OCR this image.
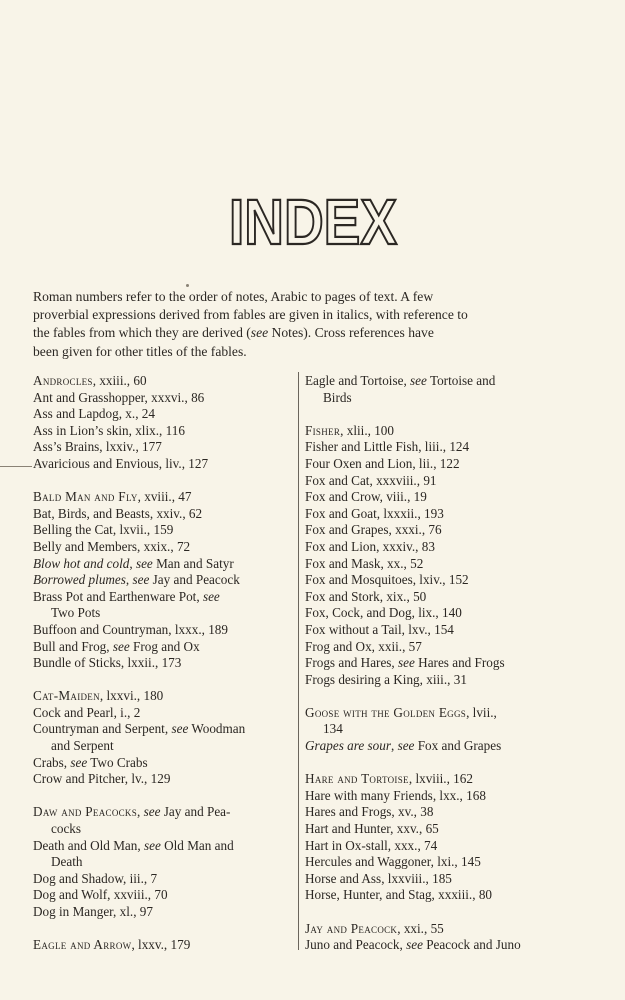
INDEX
Roman numbers refer to the order of notes, Arabic to pages of text. A few
proverbial expressions derived from fables are given in italics, with reference to
the fables from which they are derived (see Notes). Cross references have
been given for other titles of the fables.
Androcles, xxiii., 60
Ant and Grasshopper, xxxvi., 86
Ass and Lapdog, x., 24
Ass in Lion’s skin, xlix., 116
Ass’s Brains, lxxiv., 177
Avaricious and Envious, liv., 127
Bald Man and Fly, xviii., 47
Bat, Birds, and Beasts, xxiv., 62
Belling the Cat, lxvii., 159
Belly and Members, xxix., 72
Blow hot and cold, see Man and Satyr
Borrowed plumes, see Jay and Peacock
Brass Pot and Earthenware Pot, see
Two Pots
Buffoon and Countryman, lxxx., 189
Bull and Frog, see Frog and Ox
Bundle of Sticks, lxxii., 173
Cat-Maiden, lxxvi., 180
Cock and Pearl, i., 2
Countryman and Serpent, see Woodman
and Serpent
Crabs, see Two Crabs
Crow and Pitcher, lv., 129
Daw and Peacocks, see Jay and Pea-
cocks
Death and Old Man, see Old Man and
Death
Dog and Shadow, iii., 7
Dog and Wolf, xxviii., 70
Dog in Manger, xl., 97
Eagle and Arrow, lxxv., 179
Eagle and Tortoise, see Tortoise and
Birds
Fisher, xlii., 100
Fisher and Little Fish, liii., 124
Four Oxen and Lion, lii., 122
Fox and Cat, xxxviii., 91
Fox and Crow, viii., 19
Fox and Goat, lxxxii., 193
Fox and Grapes, xxxi., 76
Fox and Lion, xxxiv., 83
Fox and Mask, xx., 52
Fox and Mosquitoes, lxiv., 152
Fox and Stork, xix., 50
Fox, Cock, and Dog, lix., 140
Fox without a Tail, lxv., 154
Frog and Ox, xxii., 57
Frogs and Hares, see Hares and Frogs
Frogs desiring a King, xiii., 31
Goose with the Golden Eggs, lvii.,
134
Grapes are sour, see Fox and Grapes
Hare and Tortoise, lxviii., 162
Hare with many Friends, lxx., 168
Hares and Frogs, xv., 38
Hart and Hunter, xxv., 65
Hart in Ox-stall, xxx., 74
Hercules and Waggoner, lxi., 145
Horse and Ass, lxxviii., 185
Horse, Hunter, and Stag, xxxiii., 80
Jay and Peacock, xxi., 55
Juno and Peacock, see Peacock and Juno
